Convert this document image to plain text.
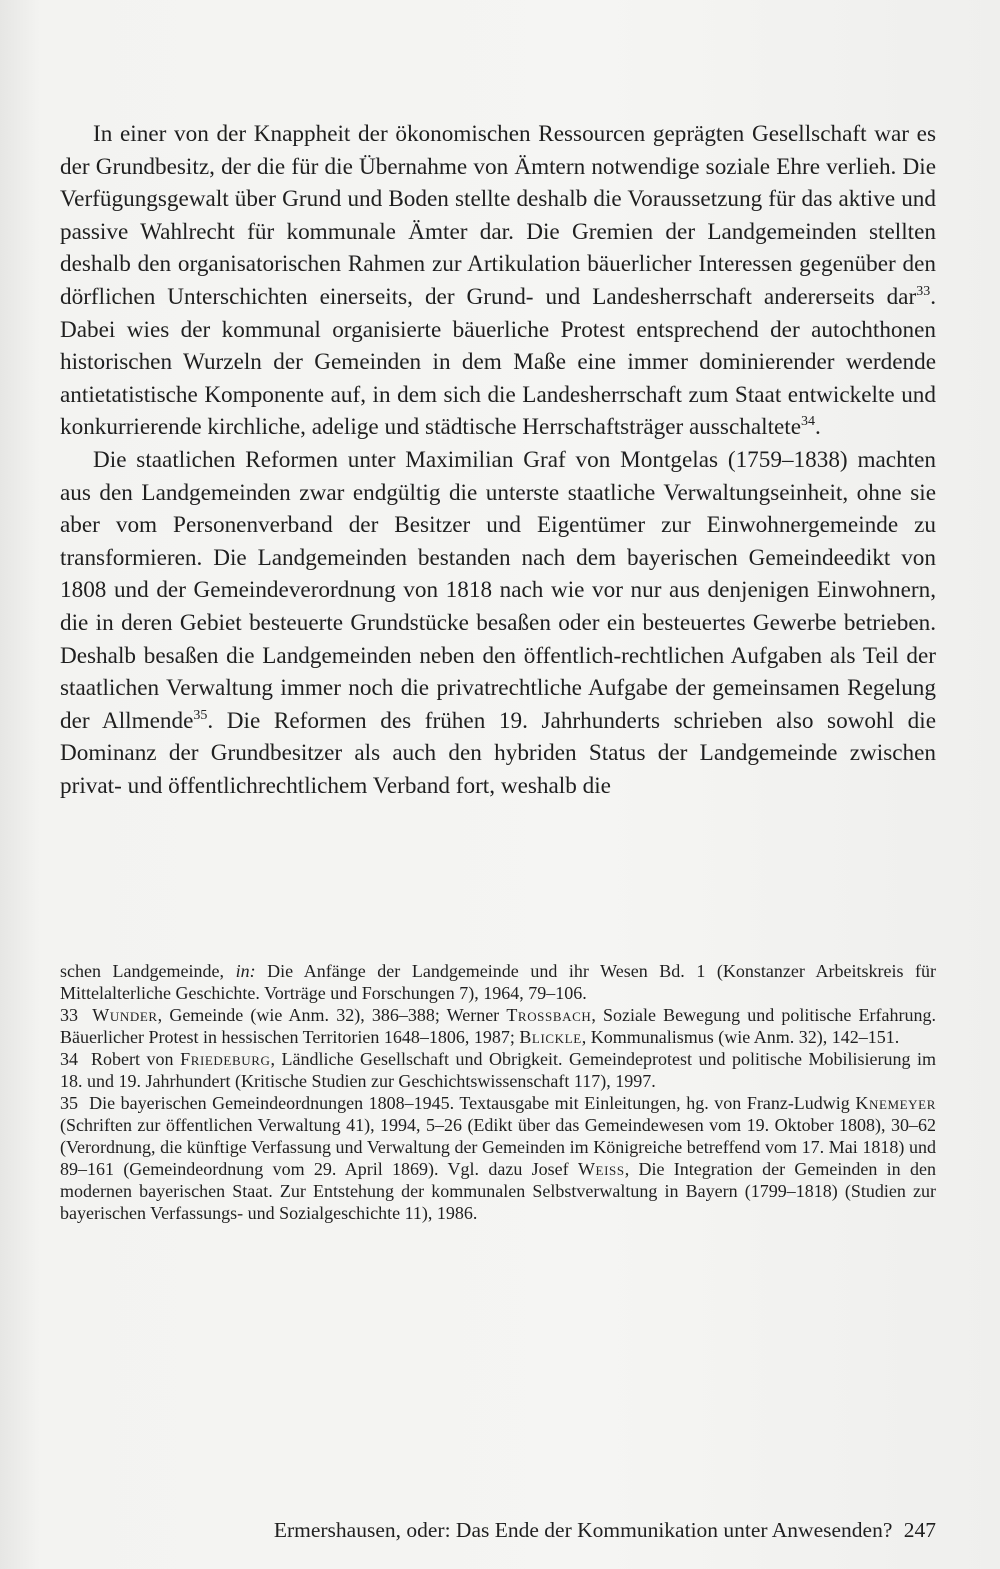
In einer von der Knappheit der ökonomischen Ressourcen geprägten Gesellschaft war es der Grundbesitz, der die für die Übernahme von Ämtern notwendige soziale Ehre verlieh. Die Verfügungsgewalt über Grund und Boden stellte deshalb die Voraussetzung für das aktive und passive Wahlrecht für kommunale Ämter dar. Die Gremien der Landgemeinden stellten deshalb den organisatorischen Rahmen zur Artikulation bäuerlicher Interessen gegenüber den dörflichen Unterschichten einerseits, der Grund- und Landesherrschaft andererseits dar$^{33}$. Dabei wies der kommunal organisierte bäuerliche Protest entsprechend der autochthonen historischen Wurzeln der Gemeinden in dem Maße eine immer dominierender werdende antietatistische Komponente auf, in dem sich die Landesherrschaft zum Staat entwickelte und konkurrierende kirchliche, adelige und städtische Herrschaftsträger ausschaltete$^{34}$.

Die staatlichen Reformen unter Maximilian Graf von Montgelas (1759–1838) machten aus den Landgemeinden zwar endgültig die unterste staatliche Verwaltungseinheit, ohne sie aber vom Personenverband der Besitzer und Eigentümer zur Einwohnergemeinde zu transformieren. Die Landgemeinden bestanden nach dem bayerischen Gemeindeedikt von 1808 und der Gemeindeverordnung von 1818 nach wie vor nur aus denjenigen Einwohnern, die in deren Gebiet besteuerte Grundstücke besaßen oder ein besteuertes Gewerbe betrieben. Deshalb besaßen die Landgemeinden neben den öffentlich-rechtlichen Aufgaben als Teil der staatlichen Verwaltung immer noch die privatrechtliche Aufgabe der gemeinsamen Regelung der Allmende$^{35}$. Die Reformen des frühen 19. Jahrhunderts schrieben also sowohl die Dominanz der Grundbesitzer als auch den hybriden Status der Landgemeinde zwischen privat- und öffentlichrechtlichem Verband fort, weshalb die

schen Landgemeinde, in: Die Anfänge der Landgemeinde und ihr Wesen Bd. 1 (Konstanzer Arbeitskreis für Mittelalterliche Geschichte. Vorträge und Forschungen 7), 1964, 79–106.

33 Wunder, Gemeinde (wie Anm. 32), 386–388; Werner Trossbach, Soziale Bewegung und politische Erfahrung. Bäuerlicher Protest in hessischen Territorien 1648–1806, 1987; Blickle, Kommunalismus (wie Anm. 32), 142–151.

34 Robert von Friedeburg, Ländliche Gesellschaft und Obrigkeit. Gemeindeprotest und politische Mobilisierung im 18. und 19. Jahrhundert (Kritische Studien zur Geschichtswissenschaft 117), 1997.

35 Die bayerischen Gemeindeordnungen 1808–1945. Textausgabe mit Einleitungen, hg. von Franz-Ludwig Knemeyer (Schriften zur öffentlichen Verwaltung 41), 1994, 5–26 (Edikt über das Gemeindewesen vom 19. Oktober 1808), 30–62 (Verordnung, die künftige Verfassung und Verwaltung der Gemeinden im Königreiche betreffend vom 17. Mai 1818) und 89–161 (Gemeindeordnung vom 29. April 1869). Vgl. dazu Josef Weiss, Die Integration der Gemeinden in den modernen bayerischen Staat. Zur Entstehung der kommunalen Selbstverwaltung in Bayern (1799–1818) (Studien zur bayerischen Verfassungs- und Sozialgeschichte 11), 1986.

Ermershausen, oder: Das Ende der Kommunikation unter Anwesenden? 247
